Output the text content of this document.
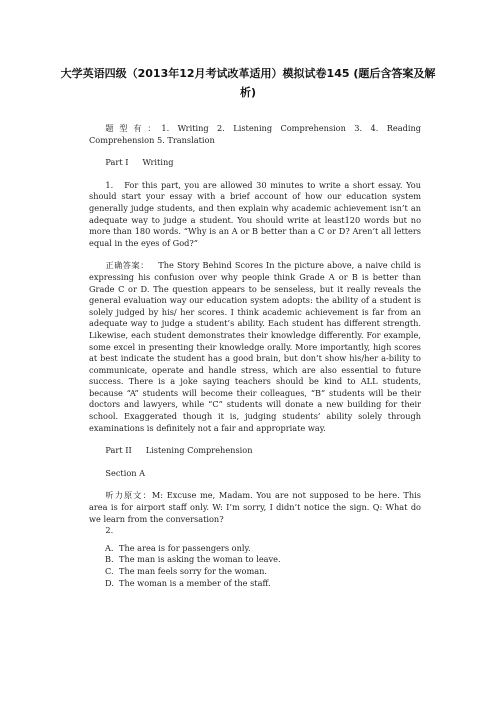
大学英语四级（2013年12月考试改革适用）模拟试卷145 (题后含答案及解析)

题型有：1. Writing 2. Listening Comprehension 3. 4. Reading Comprehension 5. Translation

Part I Writing

1. For this part, you are allowed 30 minutes to write a short essay. You should start your essay with a brief account of how our education system generally judge students, and then explain why academic achievement isn’t an adequate way to judge a student. You should write at least120 words but no more than 180 words. “Why is an A or B better than a C or D? Aren’t all letters equal in the eyes of God?”

正确答案： The Story Behind Scores In the picture above, a naive child is expressing his confusion over why people think Grade A or B is better than Grade C or D. The question appears to be senseless, but it really reveals the general evaluation way our education system adopts: the ability of a student is solely judged by his/ her scores. I think academic achievement is far from an adequate way to judge a student’s ability. Each student has different strength. Likewise, each student demonstrates their knowledge differently. For example, some excel in presenting their knowledge orally. More importantly, high scores at best indicate the student has a good brain, but don’t show his/her a-bility to communicate, operate and handle stress, which are also essential to future success. There is a joke saying teachers should be kind to ALL students, because “A” students will become their colleagues, “B” students will be their doctors and lawyers, while “C” students will donate a new building for their school. Exaggerated though it is, judging students’ ability solely through examinations is definitely not a fair and appropriate way.

Part II Listening Comprehension

Section A

听力原文：M: Excuse me, Madam. You are not supposed to be here. This area is for airport staff only. W: I’m sorry, I didn’t notice the sign. Q: What do we learn from the conversation?

2.

A. The area is for passengers only.
B. The man is asking the woman to leave.
C. The man feels sorry for the woman.
D. The woman is a member of the staff.
